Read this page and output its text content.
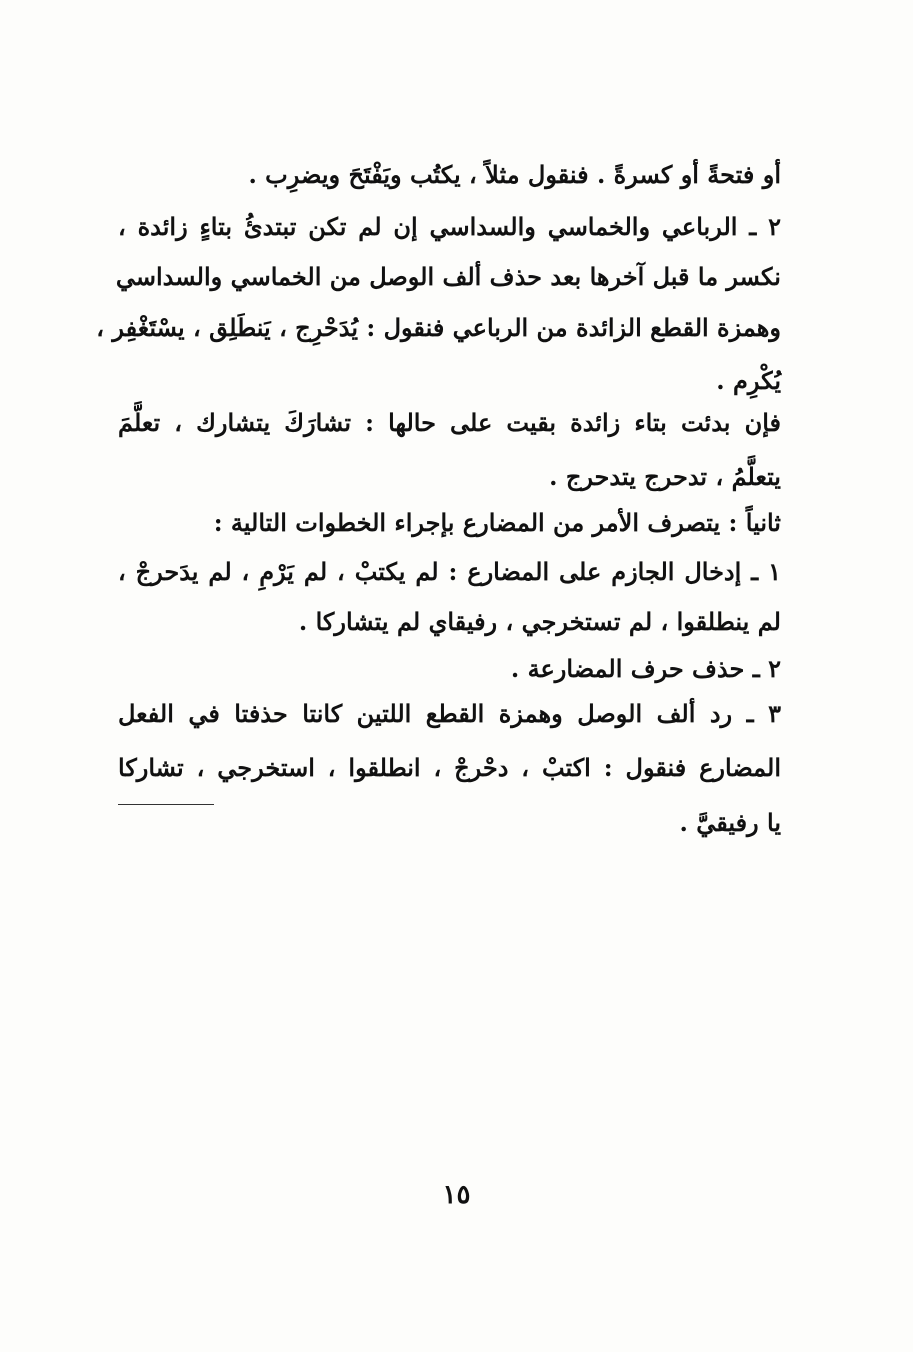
أو فتحةً أو كسرةً . فنقول مثلاً ، يكتُب ويَفْتَحَ ويضرِب .
٢ ـ الرباعي والخماسي والسداسي إن لم تكن تبتدئُ بتاءٍ زائدة ،
نكسر ما قبل آخرها بعد حذف ألف الوصل من الخماسي والسداسي
وهمزة القطع الزائدة من الرباعي فنقول : يُدَحْرِج ، يَنطَلِق ، يسْتَغْفِر ،
يُكْرِم .
فإن بدئت بتاء زائدة بقيت على حالها : تشارَكَ يتشارك ، تعلَّمَ
يتعلَّمُ ، تدحرج يتدحرج .
ثانياً : يتصرف الأمر من المضارع بإجراء الخطوات التالية :
١ ـ إدخال الجازم على المضارع : لم يكتبْ ، لم يَرْمِ ، لم يدَحرجْ ،
لم ينطلقوا ، لم تستخرجي ، رفيقاي لم يتشاركا .
٢ ـ حذف حرف المضارعة .
٣ ـ رد ألف الوصل وهمزة القطع اللتين كانتا حذفتا في الفعل
المضارع فنقول : اكتبْ ، دحْرجْ ، انطلقوا ، استخرجي ، تشاركا
يا رفيقيَّ .
١٥
